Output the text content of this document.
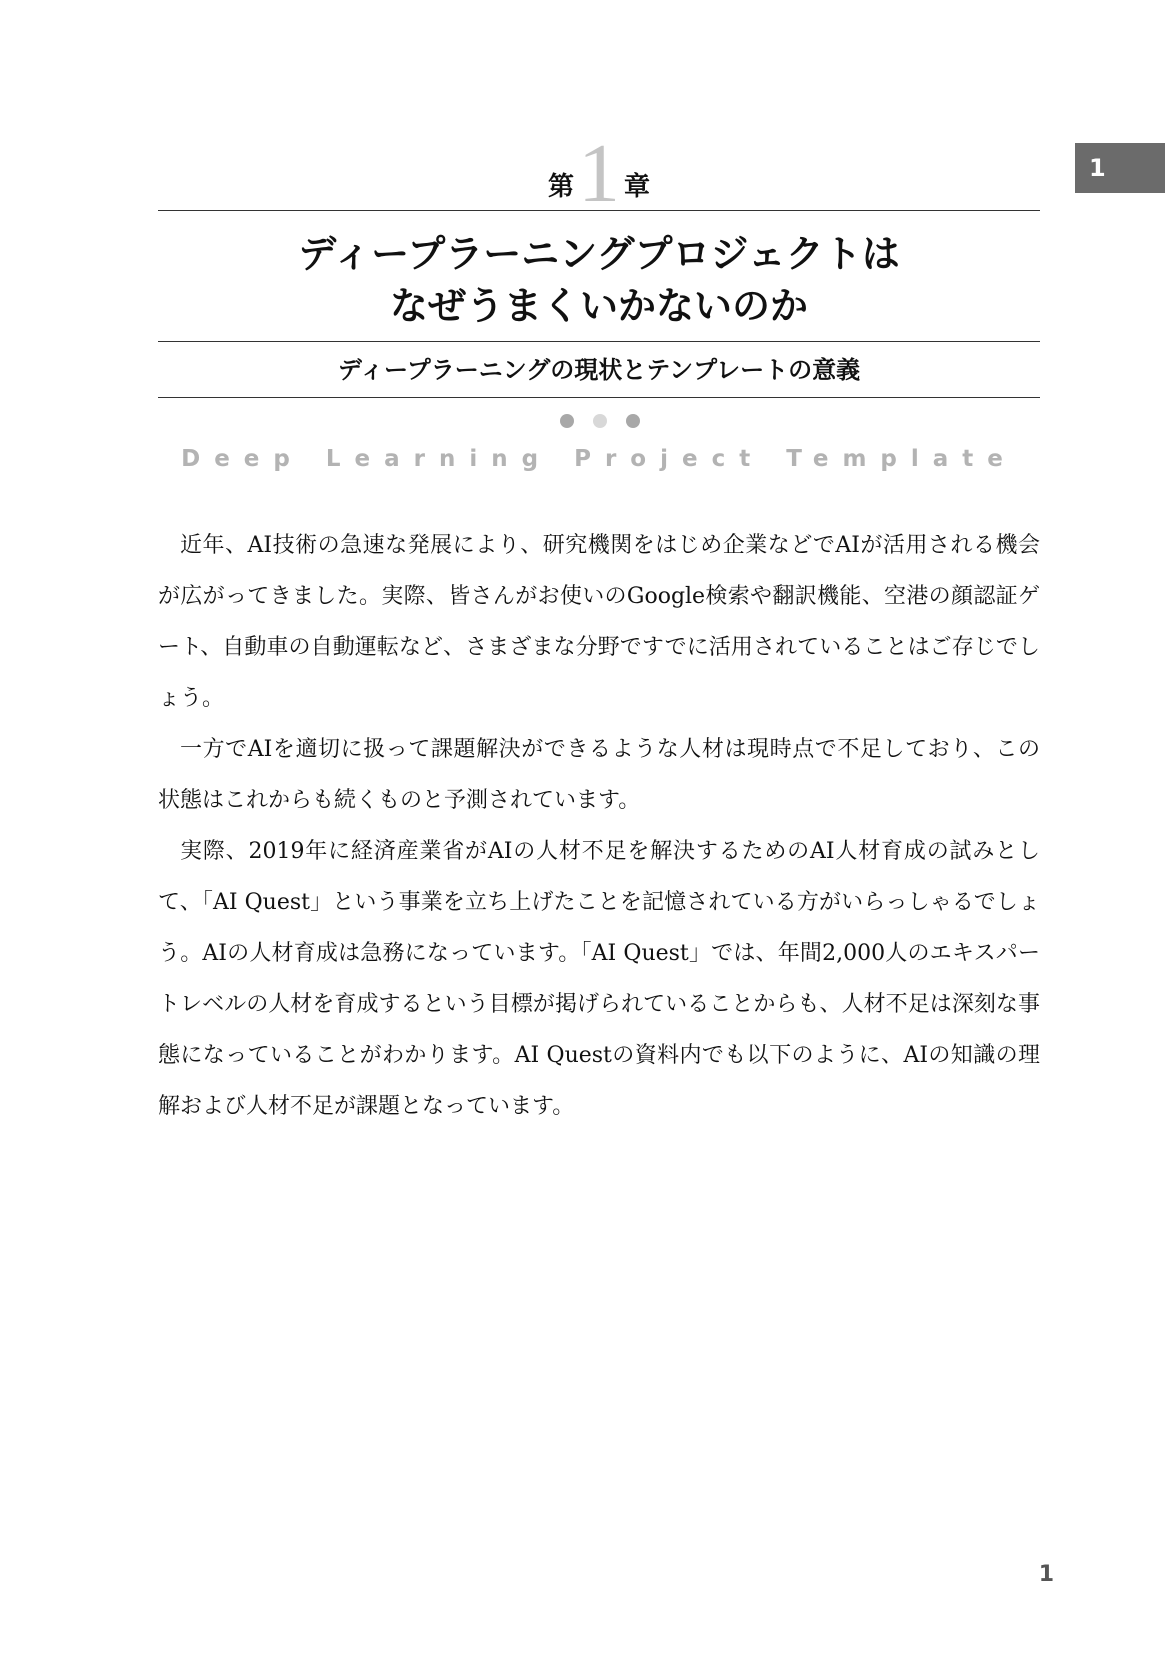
1
第 1 章
ディープラーニングプロジェクトは
なぜうまくいかないのか
ディープラーニングの現状とテンプレートの意義
Deep Learning Project Template

近年、AI技術の急速な発展により、研究機関をはじめ企業などでAIが活用される機会が広がってきました。実際、皆さんがお使いのGoogle検索や翻訳機能、空港の顔認証ゲート、自動車の自動運転など、さまざまな分野ですでに活用されていることはご存じでしょう。

一方でAIを適切に扱って課題解決ができるような人材は現時点で不足しており、この状態はこれからも続くものと予測されています。

実際、2019年に経済産業省がAIの人材不足を解決するためのAI人材育成の試みとして、「AI Quest」という事業を立ち上げたことを記憶されている方がいらっしゃるでしょう。AIの人材育成は急務になっています。「AI Quest」では、年間2,000人のエキスパートレベルの人材を育成するという目標が掲げられていることからも、人材不足は深刻な事態になっていることがわかります。AI Questの資料内でも以下のように、AIの知識の理解および人材不足が課題となっています。

1
